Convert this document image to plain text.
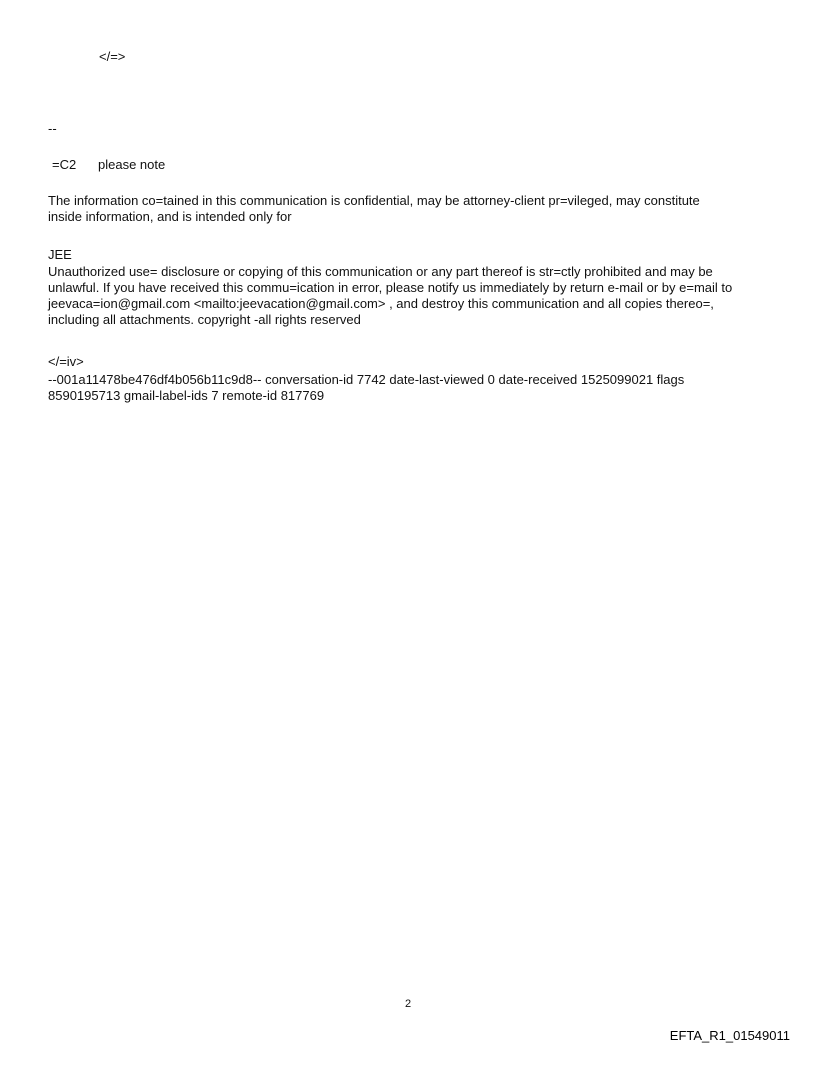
</=>
--
=C2 please note

The information co=tained in this communication is confidential, may be attorney-client pr=vileged, may constitute

inside information, and is intended only for

JEE

Unauthorized use= disclosure or copying of this communication or any part thereof is str=ctly prohibited and may be

unlawful. If you have received this commu=ication in error, please notify us immediately by return e-mail or by e=mail to

jeevaca=ion@gmail.com <mailto:jeevacation@gmail.com> , and destroy this communication and all copies thereo=,

including all attachments. copyright -all rights reserved

</=iv>

--001a11478be476df4b056b11c9d8-- conversation-id 7742 date-last-viewed 0 date-received 1525099021 flags

8590195713 gmail-label-ids 7 remote-id 817769

2
EFTA_R1_01549011
